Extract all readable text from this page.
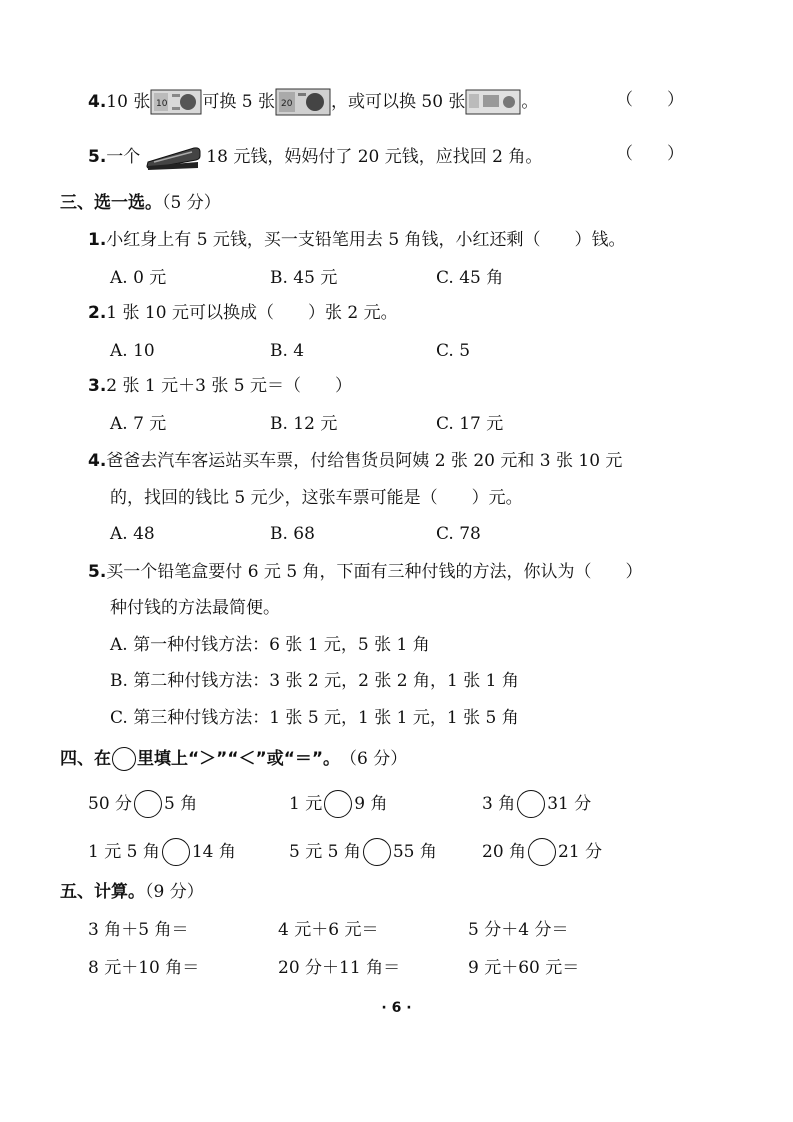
4. 10 张 10 可换 5 张 20 ，或可以换 50 张	。	（　　）
5. 一个	18 元钱，妈妈付了 20 元钱，应找回 2 角。	（　　）
三、选一选。（5 分）
1.小红身上有 5 元钱，买一支铅笔用去 5 角钱，小红还剩（　　）钱。
A. 0 元	B. 45 元	C. 45 角
2.1 张 10 元可以换成（　　）张 2 元。
A. 10	B. 4	C. 5
3.2 张 1 元＋3 张 5 元＝（　　）
A. 7 元	B. 12 元	C. 17 元
4.爸爸去汽车客运站买车票，付给售货员阿姨 2 张 20 元和 3 张 10 元
的，找回的钱比 5 元少，这张车票可能是（　　）元。
A. 48	B. 68	C. 78
5.买一个铅笔盒要付 6 元 5 角，下面有三种付钱的方法，你认为（　　）
种付钱的方法最简便。
A. 第一种付钱方法：6 张 1 元，5 张 1 角
B. 第二种付钱方法：3 张 2 元，2 张 2 角，1 张 1 角
C. 第三种付钱方法：1 张 5 元，1 张 1 元，1 张 5 角
四、在 里填上“＞”“＜”或“＝”。 （6 分）
50 分 5 角	1 元 9 角	3 角 31 分
1 元 5 角 14 角	5 元 5 角 55 角	20 角 21 分
五、计算。（9 分）
3 角＋5 角＝	4 元＋6 元＝	5 分＋4 分＝
8 元＋10 角＝	20 分＋11 角＝	9 元＋60 元＝
· 6 ·
